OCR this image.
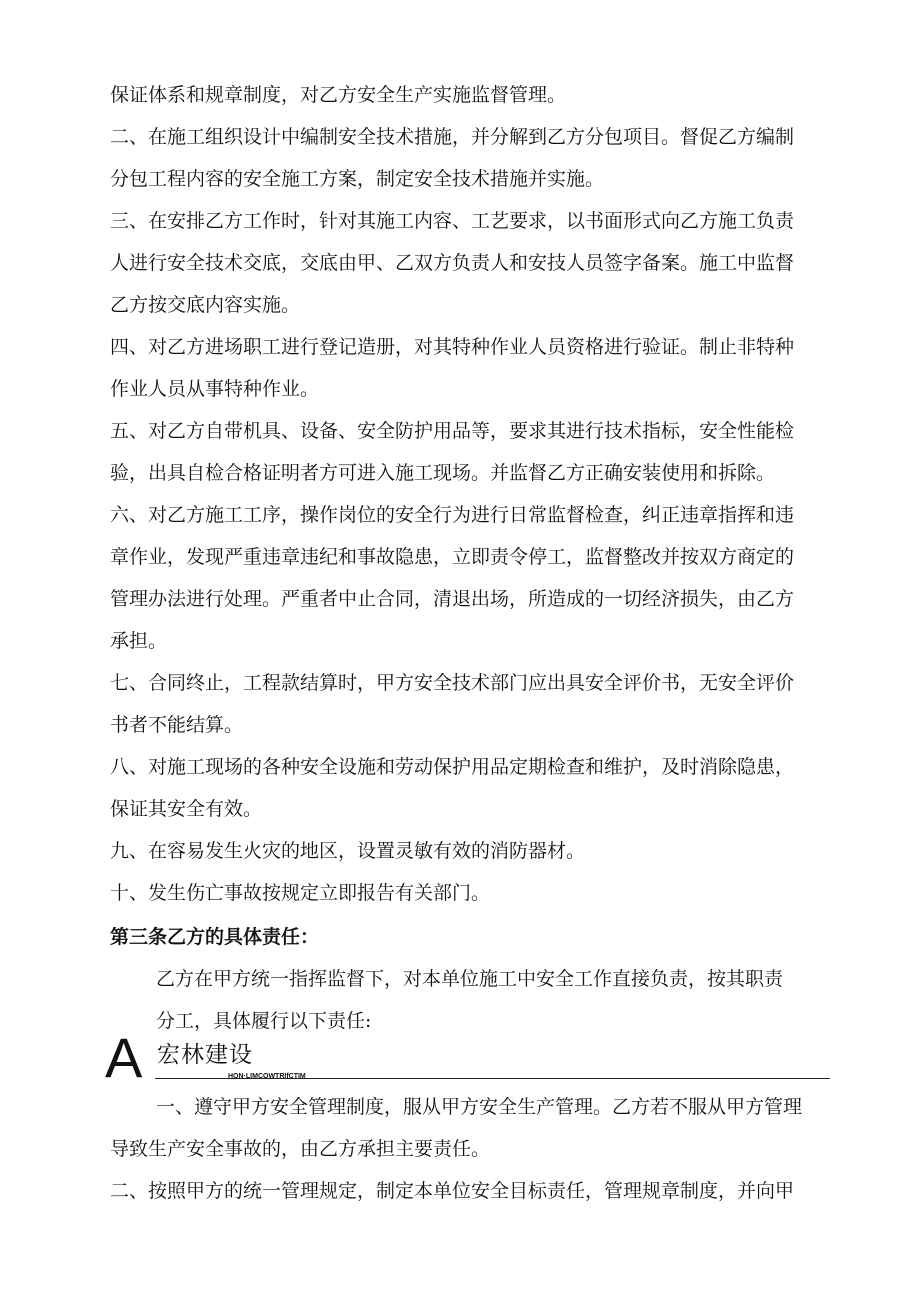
保证体系和规章制度，对乙方安全生产实施监督管理。
二、在施工组织设计中编制安全技术措施，并分解到乙方分包项目。督促乙方编制
分包工程内容的安全施工方案，制定安全技术措施并实施。
三、在安排乙方工作时，针对其施工内容、工艺要求，以书面形式向乙方施工负责
人进行安全技术交底，交底由甲、乙双方负责人和安技人员签字备案。施工中监督
乙方按交底内容实施。
四、对乙方进场职工进行登记造册，对其特种作业人员资格进行验证。制止非特种
作业人员从事特种作业。
五、对乙方自带机具、设备、安全防护用品等，要求其进行技术指标，安全性能检
验，出具自检合格证明者方可进入施工现场。并监督乙方正确安装使用和拆除。
六、对乙方施工工序，操作岗位的安全行为进行日常监督检查，纠正违章指挥和违
章作业，发现严重违章违纪和事故隐患，立即责令停工，监督整改并按双方商定的
管理办法进行处理。严重者中止合同，清退出场，所造成的一切经济损失，由乙方
承担。
七、合同终止，工程款结算时，甲方安全技术部门应出具安全评价书，无安全评价
书者不能结算。
八、对施工现场的各种安全设施和劳动保护用品定期检查和维护，及时消除隐患，
保证其安全有效。
九、在容易发生火灾的地区，设置灵敏有效的消防器材。
十、发生伤亡事故按规定立即报告有关部门。
第三条乙方的具体责任：
乙方在甲方统一指挥监督下，对本单位施工中安全工作直接负责，按其职责
分工，具体履行以下责任:
A 宏林建设
HON·LIMCOWTRIfCTIM
一、遵守甲方安全管理制度，服从甲方安全生产管理。乙方若不服从甲方管理
导致生产安全事故的，由乙方承担主要责任。
二、按照甲方的统一管理规定，制定本单位安全目标责任，管理规章制度，并向甲
